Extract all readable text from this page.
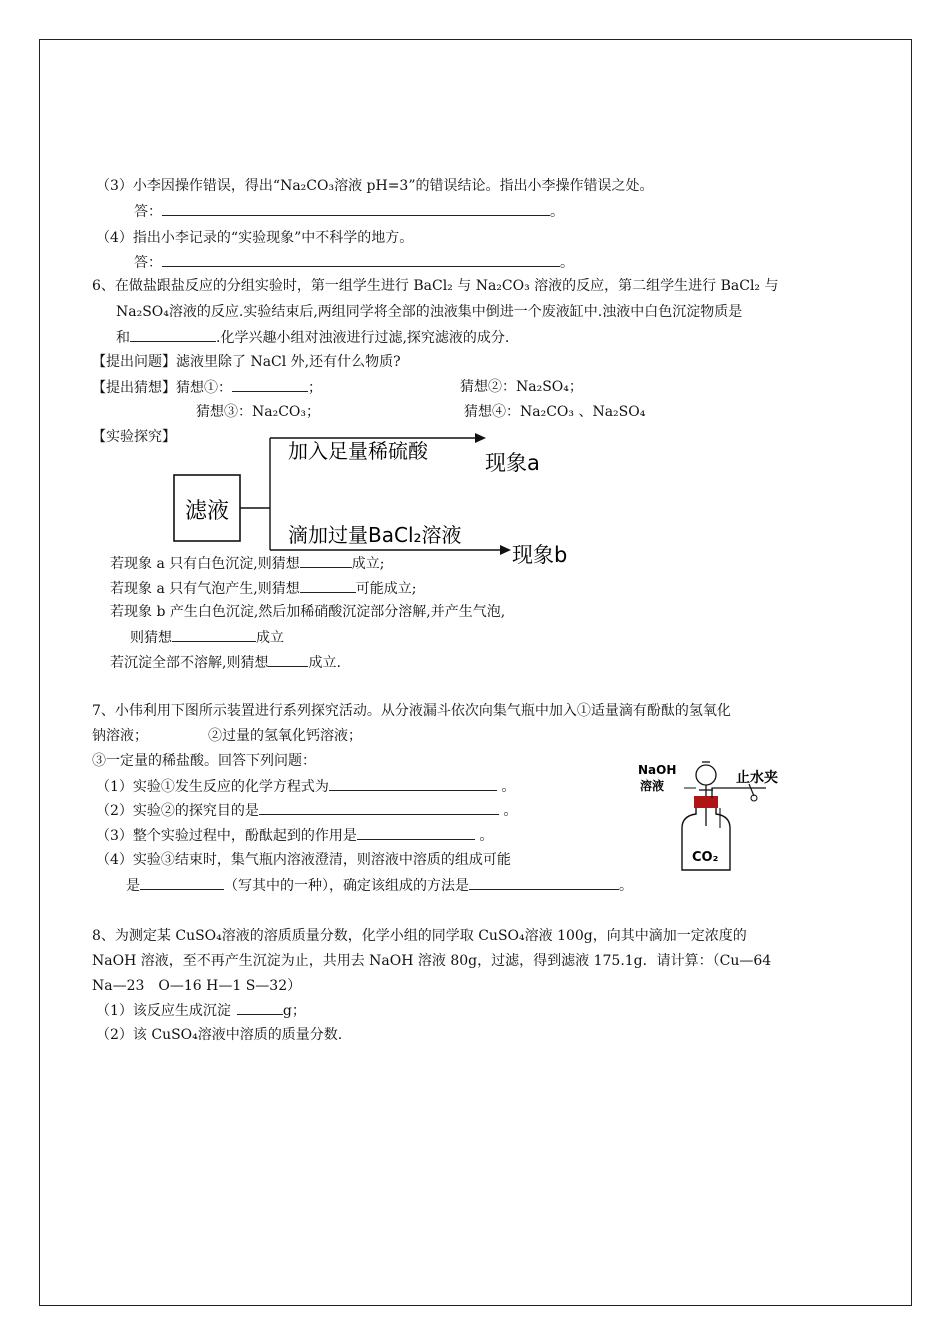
（3）小李因操作错误，得出“Na₂CO₃溶液 pH=3”的错误结论。指出小李操作错误之处。
答：	。
（4）指出小李记录的“实验现象”中不科学的地方。
答：	。
6、在做盐跟盐反应的分组实验时，第一组学生进行 BaCl₂ 与 Na₂CO₃ 溶液的反应，第二组学生进行 BaCl₂ 与
Na₂SO₄溶液的反应.实验结束后,两组同学将全部的浊液集中倒进一个废液缸中.浊液中白色沉淀物质是
和	.化学兴趣小组对浊液进行过滤,探究滤液的成分.
【提出问题】滤液里除了 NaCl 外,还有什么物质?
【提出猜想】猜想①：	；	猜想②：Na₂SO₄；
猜想③：Na₂CO₃；	猜想④：Na₂CO₃ 、Na₂SO₄
【实验探究】
滤液
加入足量稀硫酸	现象a
滴加过量BaCl₂溶液
现象b
若现象 a 只有白色沉淀,则猜想	成立;
若现象 a 只有气泡产生,则猜想	可能成立;
若现象 b 产生白色沉淀,然后加稀硝酸沉淀部分溶解,并产生气泡,
则猜想	成立
若沉淀全部不溶解,则猜想	成立.
7、小伟利用下图所示装置进行系列探究活动。从分液漏斗依次向集气瓶中加入①适量滴有酚酞的氢氧化
钠溶液；	②过量的氢氧化钙溶液；
③一定量的稀盐酸。回答下列问题：
（1）实验①发生反应的化学方程式为	。
（2）实验②的探究目的是	。
（3）整个实验过程中，酚酞起到的作用是	。
（4）实验③结束时，集气瓶内溶液澄清，则溶液中溶质的组成可能
是	（写其中的一种），确定该组成的方法是	。
NaOH
溶液	止水夹
CO₂
8、为测定某 CuSO₄溶液的溶质质量分数，化学小组的同学取 CuSO₄溶液 100g，向其中滴加一定浓度的
NaOH 溶液，至不再产生沉淀为止，共用去 NaOH 溶液 80g，过滤，得到滤液 175.1g．请计算：（Cu—64
Na—23　O—16 H—1 S—32）
（1）该反应生成沉淀	g；
（2）该 CuSO₄溶液中溶质的质量分数.
